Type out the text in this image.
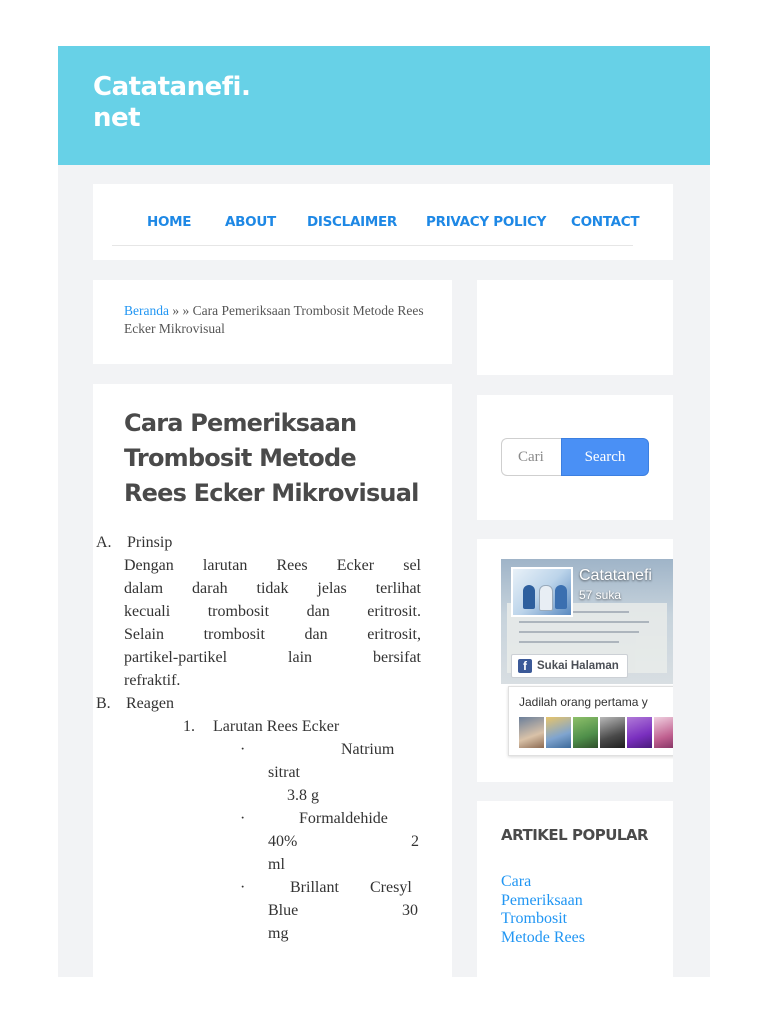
Catatanefi.
net
HOME	ABOUT DISCLAIMER PRIVACY POLICY CONTACT
Beranda » » Cara Pemeriksaan Trombosit Metode Rees Ecker Mikrovisual
Cara Pemeriksaan Trombosit Metode Rees Ecker Mikrovisual
A. Prinsip

Dengan larutan Rees Ecker sel

dalam darah tidak jelas terlihat

kecuali trombosit dan eritrosit.

Selain trombosit dan eritrosit,

partikel-partikel lain bersifat

refraktif.

B. Reagen
1. Larutan Rees Ecker
·	Natrium
sitrat
3.8 g
·	Formaldehide
40%	2
ml
·	Brillant Cresyl
Blue	30
mg
Cari
Search
Catatanefi
57 suka
f Sukai Halaman
Jadilah orang pertama y
ARTIKEL POPULAR
Cara
Pemeriksaan
Trombosit
Metode Rees
